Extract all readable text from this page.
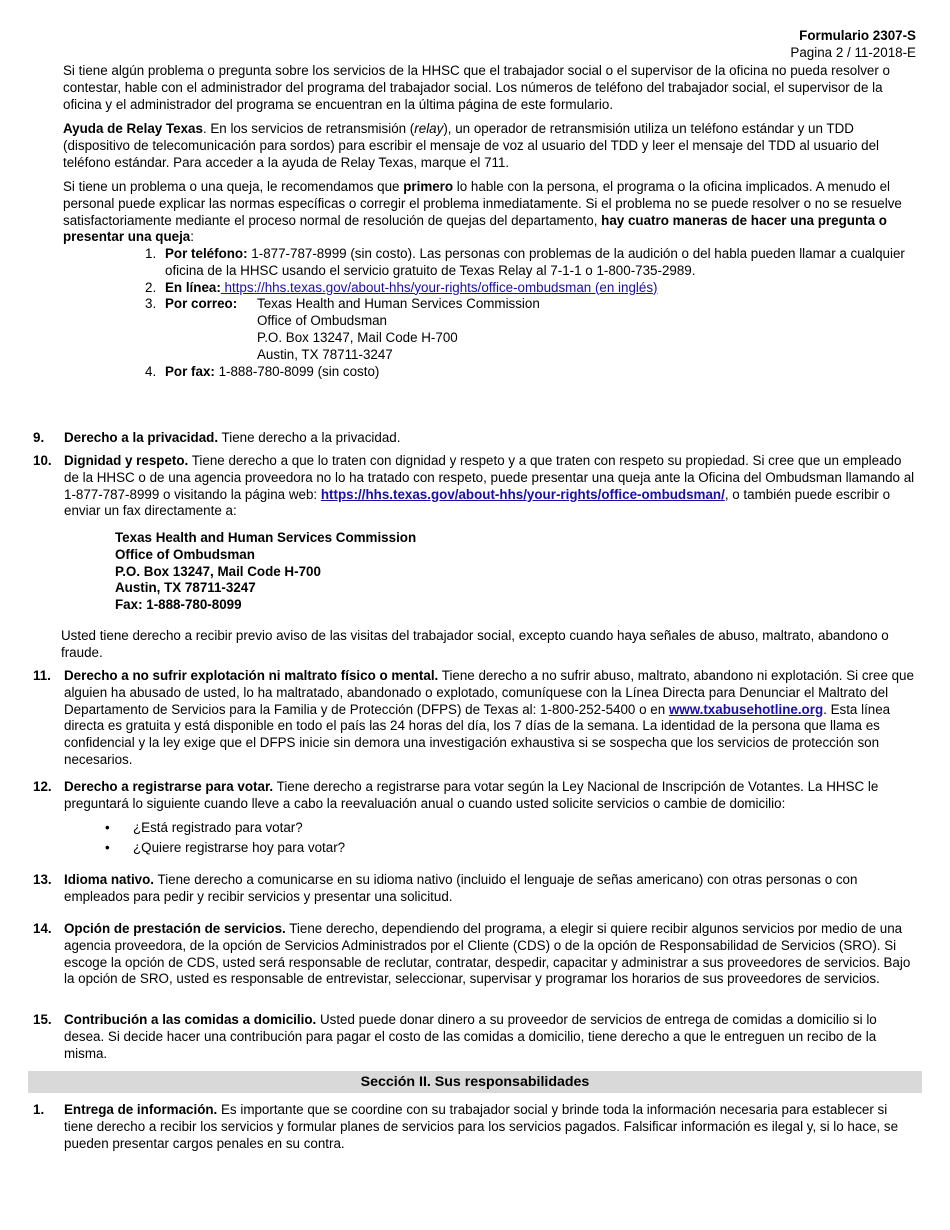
Formulario 2307-S
Pagina 2 / 11-2018-E

Si tiene algún problema o pregunta sobre los servicios de la HHSC que el trabajador social o el supervisor de la oficina no pueda resolver o contestar, hable con el administrador del programa del trabajador social. Los números de teléfono del trabajador social, el supervisor de la oficina y el administrador del programa se encuentran en la última página de este formulario.

Ayuda de Relay Texas. En los servicios de retransmisión (relay), un operador de retransmisión utiliza un teléfono estándar y un TDD (dispositivo de telecomunicación para sordos) para escribir el mensaje de voz al usuario del TDD y leer el mensaje del TDD al usuario del teléfono estándar. Para acceder a la ayuda de Relay Texas, marque el 711.

Si tiene un problema o una queja, le recomendamos que primero lo hable con la persona, el programa o la oficina implicados. A menudo el personal puede explicar las normas específicas o corregir el problema inmediatamente. Si el problema no se puede resolver o no se resuelve satisfactoriamente mediante el proceso normal de resolución de quejas del departamento, hay cuatro maneras de hacer una pregunta o presentar una queja:

1. Por teléfono: 1-877-787-8999 (sin costo). Las personas con problemas de la audición o del habla pueden llamar a cualquier oficina de la HHSC usando el servicio gratuito de Texas Relay al 7-1-1 o 1-800-735-2989.
2. En línea: https://hhs.texas.gov/about-hhs/your-rights/office-ombudsman (en inglés)
3. Por correo:	Texas Health and Human Services Commission
Office of Ombudsman
P.O. Box 13247, Mail Code H-700
Austin, TX 78711-3247
4. Por fax: 1-888-780-8099 (sin costo)
9. Derecho a la privacidad. Tiene derecho a la privacidad.

10. Dignidad y respeto. Tiene derecho a que lo traten con dignidad y respeto y a que traten con respeto su propiedad. Si cree que un empleado de la HHSC o de una agencia proveedora no lo ha tratado con respeto, puede presentar una queja ante la Oficina del Ombudsman llamando al 1-877-787-8999 o visitando la página web: https://hhs.texas.gov/about-hhs/your-rights/office-ombudsman/, o también puede escribir o enviar un fax directamente a:

Texas Health and Human Services Commission
Office of Ombudsman
P.O. Box 13247, Mail Code H-700
Austin, TX 78711-3247
Fax: 1-888-780-8099

Usted tiene derecho a recibir previo aviso de las visitas del trabajador social, excepto cuando haya señales de abuso, maltrato, abandono o fraude.

11. Derecho a no sufrir explotación ni maltrato físico o mental. Tiene derecho a no sufrir abuso, maltrato, abandono ni explotación. Si cree que alguien ha abusado de usted, lo ha maltratado, abandonado o explotado, comuníquese con la Línea Directa para Denunciar el Maltrato del Departamento de Servicios para la Familia y de Protección (DFPS) de Texas al: 1-800-252-5400 o en www.txabusehotline.org. Esta línea directa es gratuita y está disponible en todo el país las 24 horas del día, los 7 días de la semana. La identidad de la persona que llama es confidencial y la ley exige que el DFPS inicie sin demora una investigación exhaustiva si se sospecha que los servicios de protección son necesarios.

12. Derecho a registrarse para votar. Tiene derecho a registrarse para votar según la Ley Nacional de Inscripción de Votantes. La HHSC le preguntará lo siguiente cuando lleve a cabo la reevaluación anual o cuando usted solicite servicios o cambie de domicilio:

• ¿Está registrado para votar?
• ¿Quiere registrarse hoy para votar?
13. Idioma nativo. Tiene derecho a comunicarse en su idioma nativo (incluido el lenguaje de señas americano) con otras personas o con empleados para pedir y recibir servicios y presentar una solicitud.

14. Opción de prestación de servicios. Tiene derecho, dependiendo del programa, a elegir si quiere recibir algunos servicios por medio de una agencia proveedora, de la opción de Servicios Administrados por el Cliente (CDS) o de la opción de Responsabilidad de Servicios (SRO). Si escoge la opción de CDS, usted será responsable de reclutar, contratar, despedir, capacitar y administrar a sus proveedores de servicios. Bajo la opción de SRO, usted es responsable de entrevistar, seleccionar, supervisar y programar los horarios de sus proveedores de servicios.

15. Contribución a las comidas a domicilio. Usted puede donar dinero a su proveedor de servicios de entrega de comidas a domicilio si lo desea. Si decide hacer una contribución para pagar el costo de las comidas a domicilio, tiene derecho a que le entreguen un recibo de la misma.

Sección II. Sus responsabilidades
1. Entrega de información. Es importante que se coordine con su trabajador social y brinde toda la información necesaria para establecer si tiene derecho a recibir los servicios y formular planes de servicios para los servicios pagados. Falsificar información es ilegal y, si lo hace, se pueden presentar cargos penales en su contra.
